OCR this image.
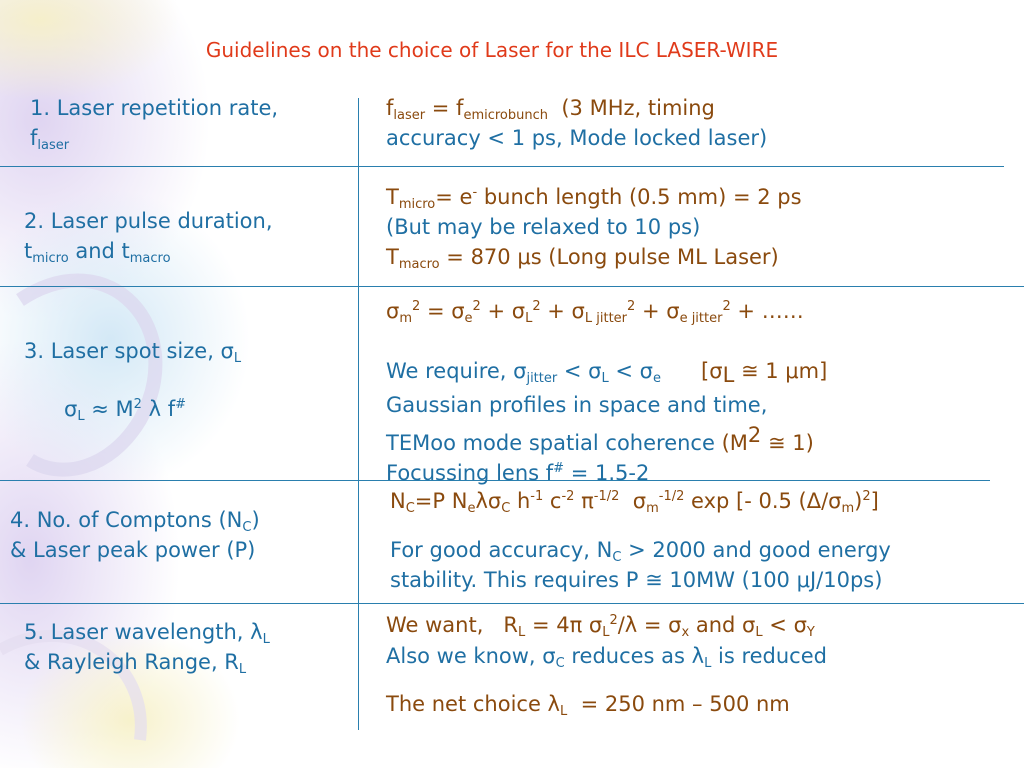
Guidelines on the choice of Laser for the ILC LASER-WIRE
1. Laser repetition rate,
$f_{laser}$
$f_{laser} = f_{emicrobunch}$  (3 MHz, timing
accuracy < 1 ps, Mode locked laser)
2. Laser pulse duration,
$t_{micro}$ and $t_{macro}$
$T_{micro}= e^-$ bunch length (0.5 mm) = 2 ps
(But may be relaxed to 10 ps)
$T_{macro} = 870$ μs (Long pulse ML Laser)
3. Laser spot size, $\sigma_L$
$\sigma_L \approx M^2$ λ f#
$\sigma_m^2 = \sigma_e^2 + \sigma_L^2 + \sigma_{L jitter}^2 + \sigma_{e jitter}^2$ + ……
We require, $\sigma_{jitter} < \sigma_L < \sigma_e$      [$\sigma_L$ ≅ 1 μm]
Gaussian profiles in space and time,
TEMoo mode spatial coherence ($M^2$ ≅ 1)
Focussing lens f# = 1.5-2
4. No. of Comptons $(N_C)$
& Laser peak power (P)
$N_C=P$ $N_e\lambda\sigma_C$ $h^{-1}$ $c^{-2}$ $\pi^{-1/2}$  $\sigma_m^{-1/2}$ exp [- 0.5 $(\Delta/\sigma_m)^2$]
For good accuracy, $N_C > 2000$ and good energy
stability. This requires P ≅ 10MW (100 μJ/10ps)
5. Laser wavelength, $\lambda_L$
& Rayleigh Range, $R_L$
We want,   $R_L = 4\pi$ $\sigma_L^2/\lambda = \sigma_x$ and $\sigma_L < \sigma_Y$
Also we know, $\sigma_C$ reduces as $\lambda_L$ is reduced
The net choice $\lambda_L = 250$ nm – 500 nm
